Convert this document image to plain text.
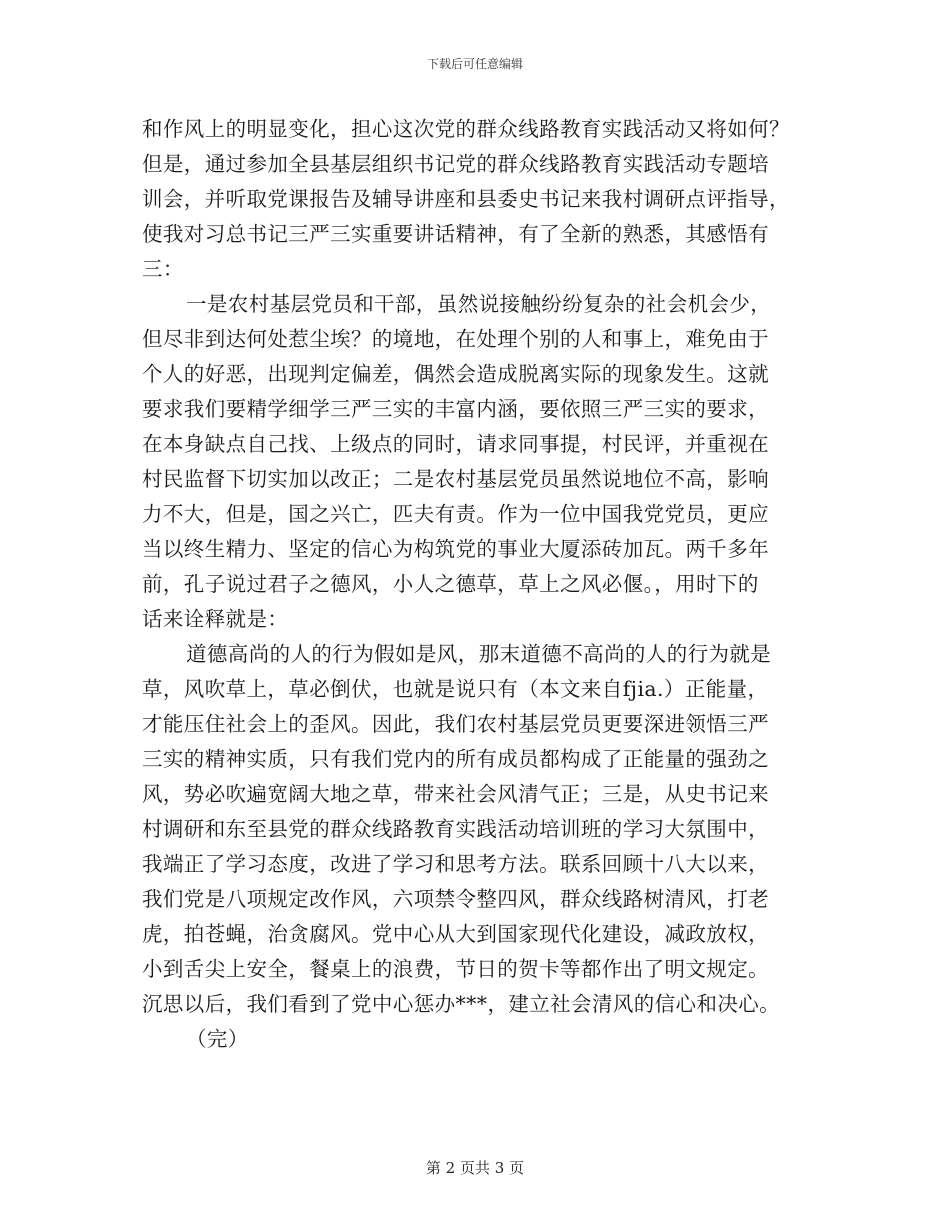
下载后可任意编辑
和作风上的明显变化，担心这次党的群众线路教育实践活动又将如何？
但是，通过参加全县基层组织书记党的群众线路教育实践活动专题培
训会，并听取党课报告及辅导讲座和县委史书记来我村调研点评指导，
使我对习总书记三严三实重要讲话精神，有了全新的熟悉，其感悟有
三：
一是农村基层党员和干部，虽然说接触纷纷复杂的社会机会少，
但尽非到达何处惹尘埃？的境地，在处理个别的人和事上，难免由于
个人的好恶，出现判定偏差，偶然会造成脱离实际的现象发生。这就
要求我们要精学细学三严三实的丰富内涵，要依照三严三实的要求，
在本身缺点自己找、上级点的同时，请求同事提，村民评，并重视在
村民监督下切实加以改正；二是农村基层党员虽然说地位不高，影响
力不大，但是，国之兴亡，匹夫有责。作为一位中国我党党员，更应
当以终生精力、坚定的信心为构筑党的事业大厦添砖加瓦。两千多年
前，孔子说过君子之德风，小人之德草，草上之风必偃。，用时下的
话来诠释就是：
道德高尚的人的行为假如是风，那末道德不高尚的人的行为就是
草，风吹草上，草必倒伏，也就是说只有（本文来自fjia.）正能量，
才能压住社会上的歪风。因此，我们农村基层党员更要深进领悟三严
三实的精神实质，只有我们党内的所有成员都构成了正能量的强劲之
风，势必吹遍宽阔大地之草，带来社会风清气正；三是，从史书记来
村调研和东至县党的群众线路教育实践活动培训班的学习大氛围中，
我端正了学习态度，改进了学习和思考方法。联系回顾十八大以来，
我们党是八项规定改作风，六项禁令整四风，群众线路树清风，打老
虎，拍苍蝇，治贪腐风。党中心从大到国家现代化建设，减政放权，
小到舌尖上安全，餐桌上的浪费，节日的贺卡等都作出了明文规定。
沉思以后，我们看到了党中心惩办***，建立社会清风的信心和决心。
（完）
第 2 页共 3 页
